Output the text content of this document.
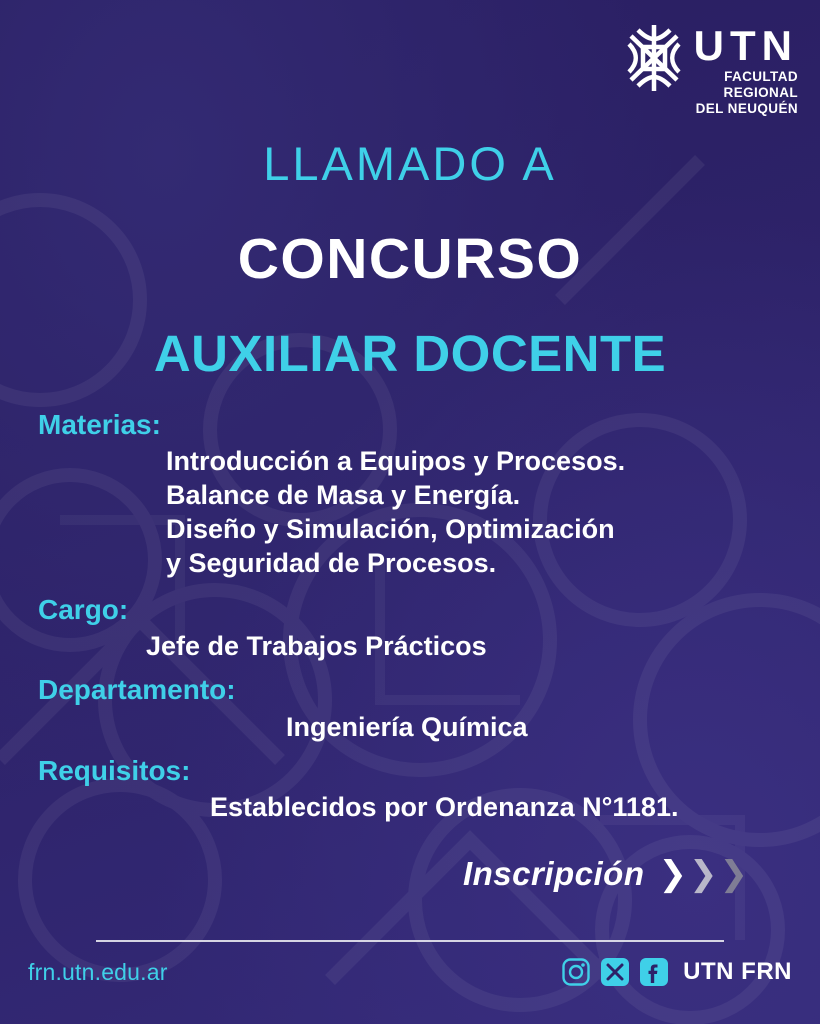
UTN
FACULTAD
REGIONAL
DEL NEUQUÉN
LLAMADO A
CONCURSO
AUXILIAR DOCENTE
Materias:
Introducción a Equipos y Procesos.
Balance de Masa y Energía.
Diseño y Simulación, Optimización
y Seguridad de Procesos.
Cargo:
Jefe de Trabajos Prácticos
Departamento:
Ingeniería Química
Requisitos:
Establecidos por Ordenanza N°1181.
Inscripción ❯ ❯ ❯
frn.utn.edu.ar	UTN FRN
